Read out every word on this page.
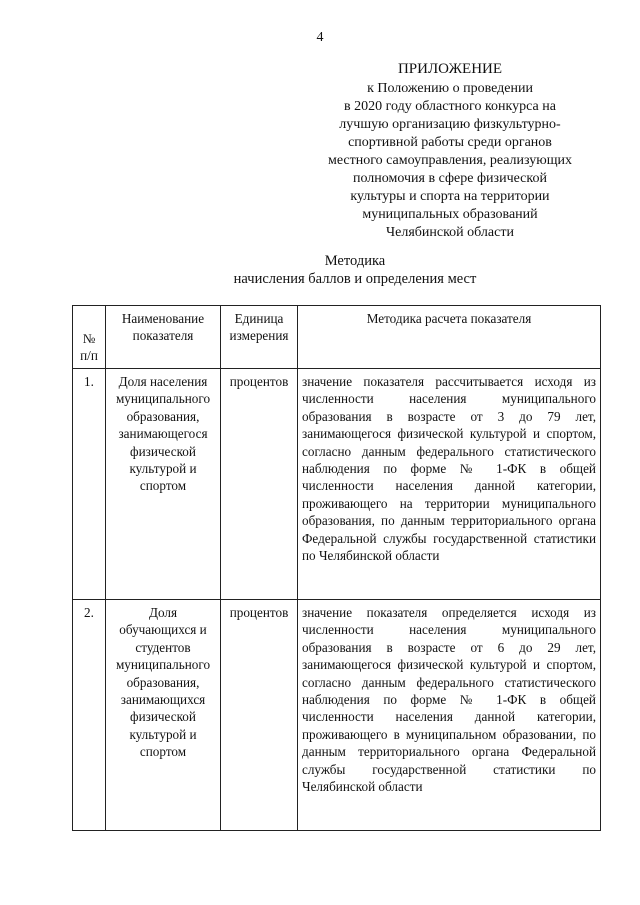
4
ПРИЛОЖЕНИЕ
к Положению о проведении
в 2020 году областного конкурса на
лучшую организацию физкультурно-
спортивной работы среди органов
местного самоуправления, реализующих
полномочия в сфере физической
культуры и спорта на территории
муниципальных образований
Челябинской области
Методика
начисления баллов и определения мест
№ п/п	Наименование показателя	Единица измерения	Методика расчета показателя
1.	Доля населения муниципального образования, занимающегося физической культурой и спортом	процентов	значение показателя рассчитывается исходя из численности населения муниципального образования в возрасте от 3 до 79 лет, занимающегося физической культурой и спортом, согласно данным федерального статистического наблюдения по форме № 1-ФК в общей численности населения данной категории, проживающего на территории муниципального образования, по данным территориального органа Федеральной службы государственной статистики по Челябинской области
2.	Доля обучающихся и студентов муниципального образования, занимающихся физической культурой и спортом	процентов	значение показателя определяется исходя из численности населения муниципального образования в возрасте от 6 до 29 лет, занимающегося физической культурой и спортом, согласно данным федерального статистического наблюдения по форме № 1-ФК в общей численности населения данной категории, проживающего в муниципальном образовании, по данным территориального органа Федеральной службы государственной статистики по Челябинской области
